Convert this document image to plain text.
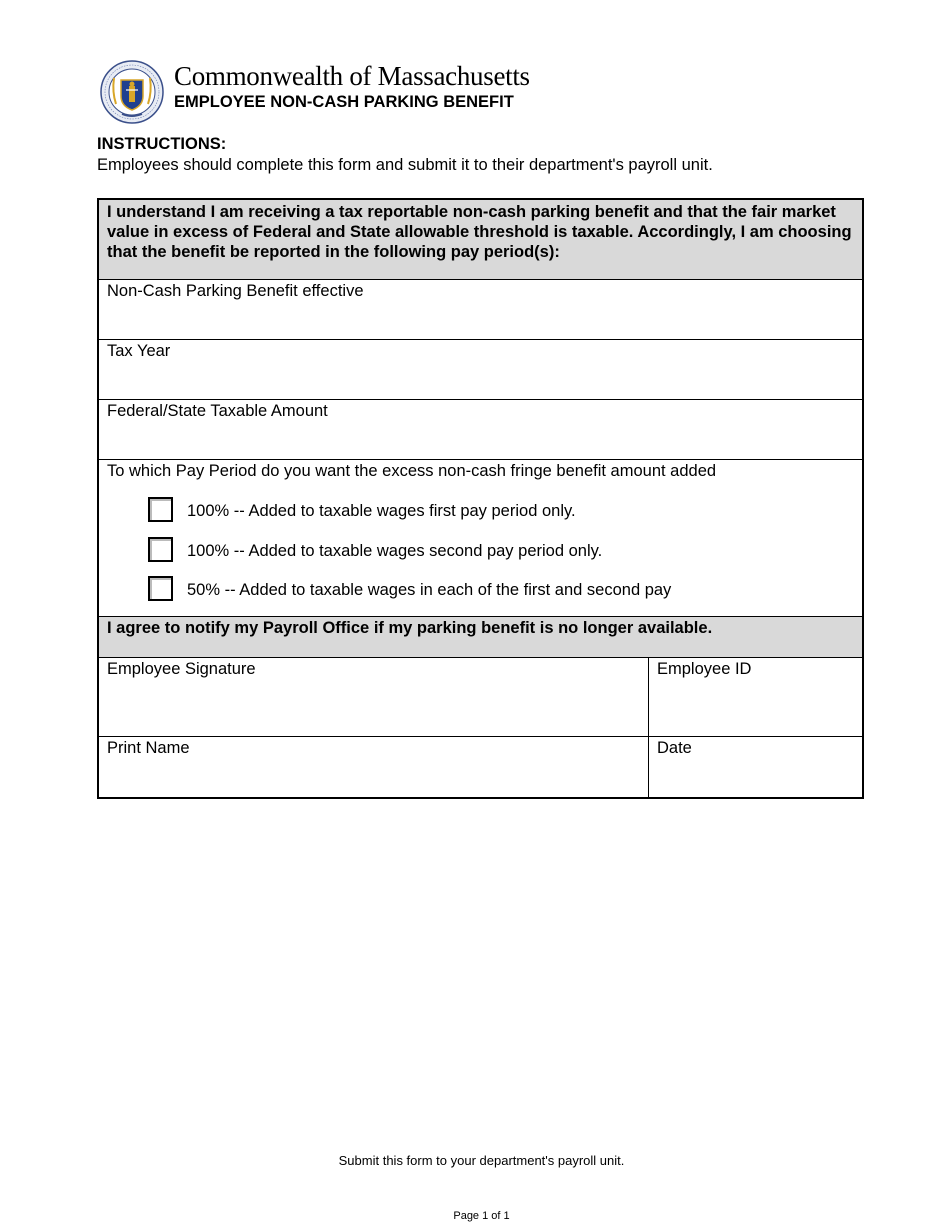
Commonwealth of Massachusetts
EMPLOYEE NON-CASH PARKING BENEFIT
INSTRUCTIONS:
Employees should complete this form and submit it to their department's payroll unit.
I understand I am receiving a tax reportable non-cash parking benefit and that the fair market value in excess of Federal and State allowable threshold is taxable. Accordingly, I am choosing that the benefit be reported in the following pay period(s):
Non-Cash Parking Benefit effective
Tax Year
Federal/State Taxable Amount
To which Pay Period do you want the excess non-cash fringe benefit amount added
100% -- Added to taxable wages first pay period only.
100% -- Added to taxable wages second pay period only.
50% -- Added to taxable wages in each of the first and second pay
I agree to notify my Payroll Office if my parking benefit is no longer available.
Employee Signature	Employee ID
Print Name	Date
Submit this form to your department's payroll unit.
Page 1 of 1
